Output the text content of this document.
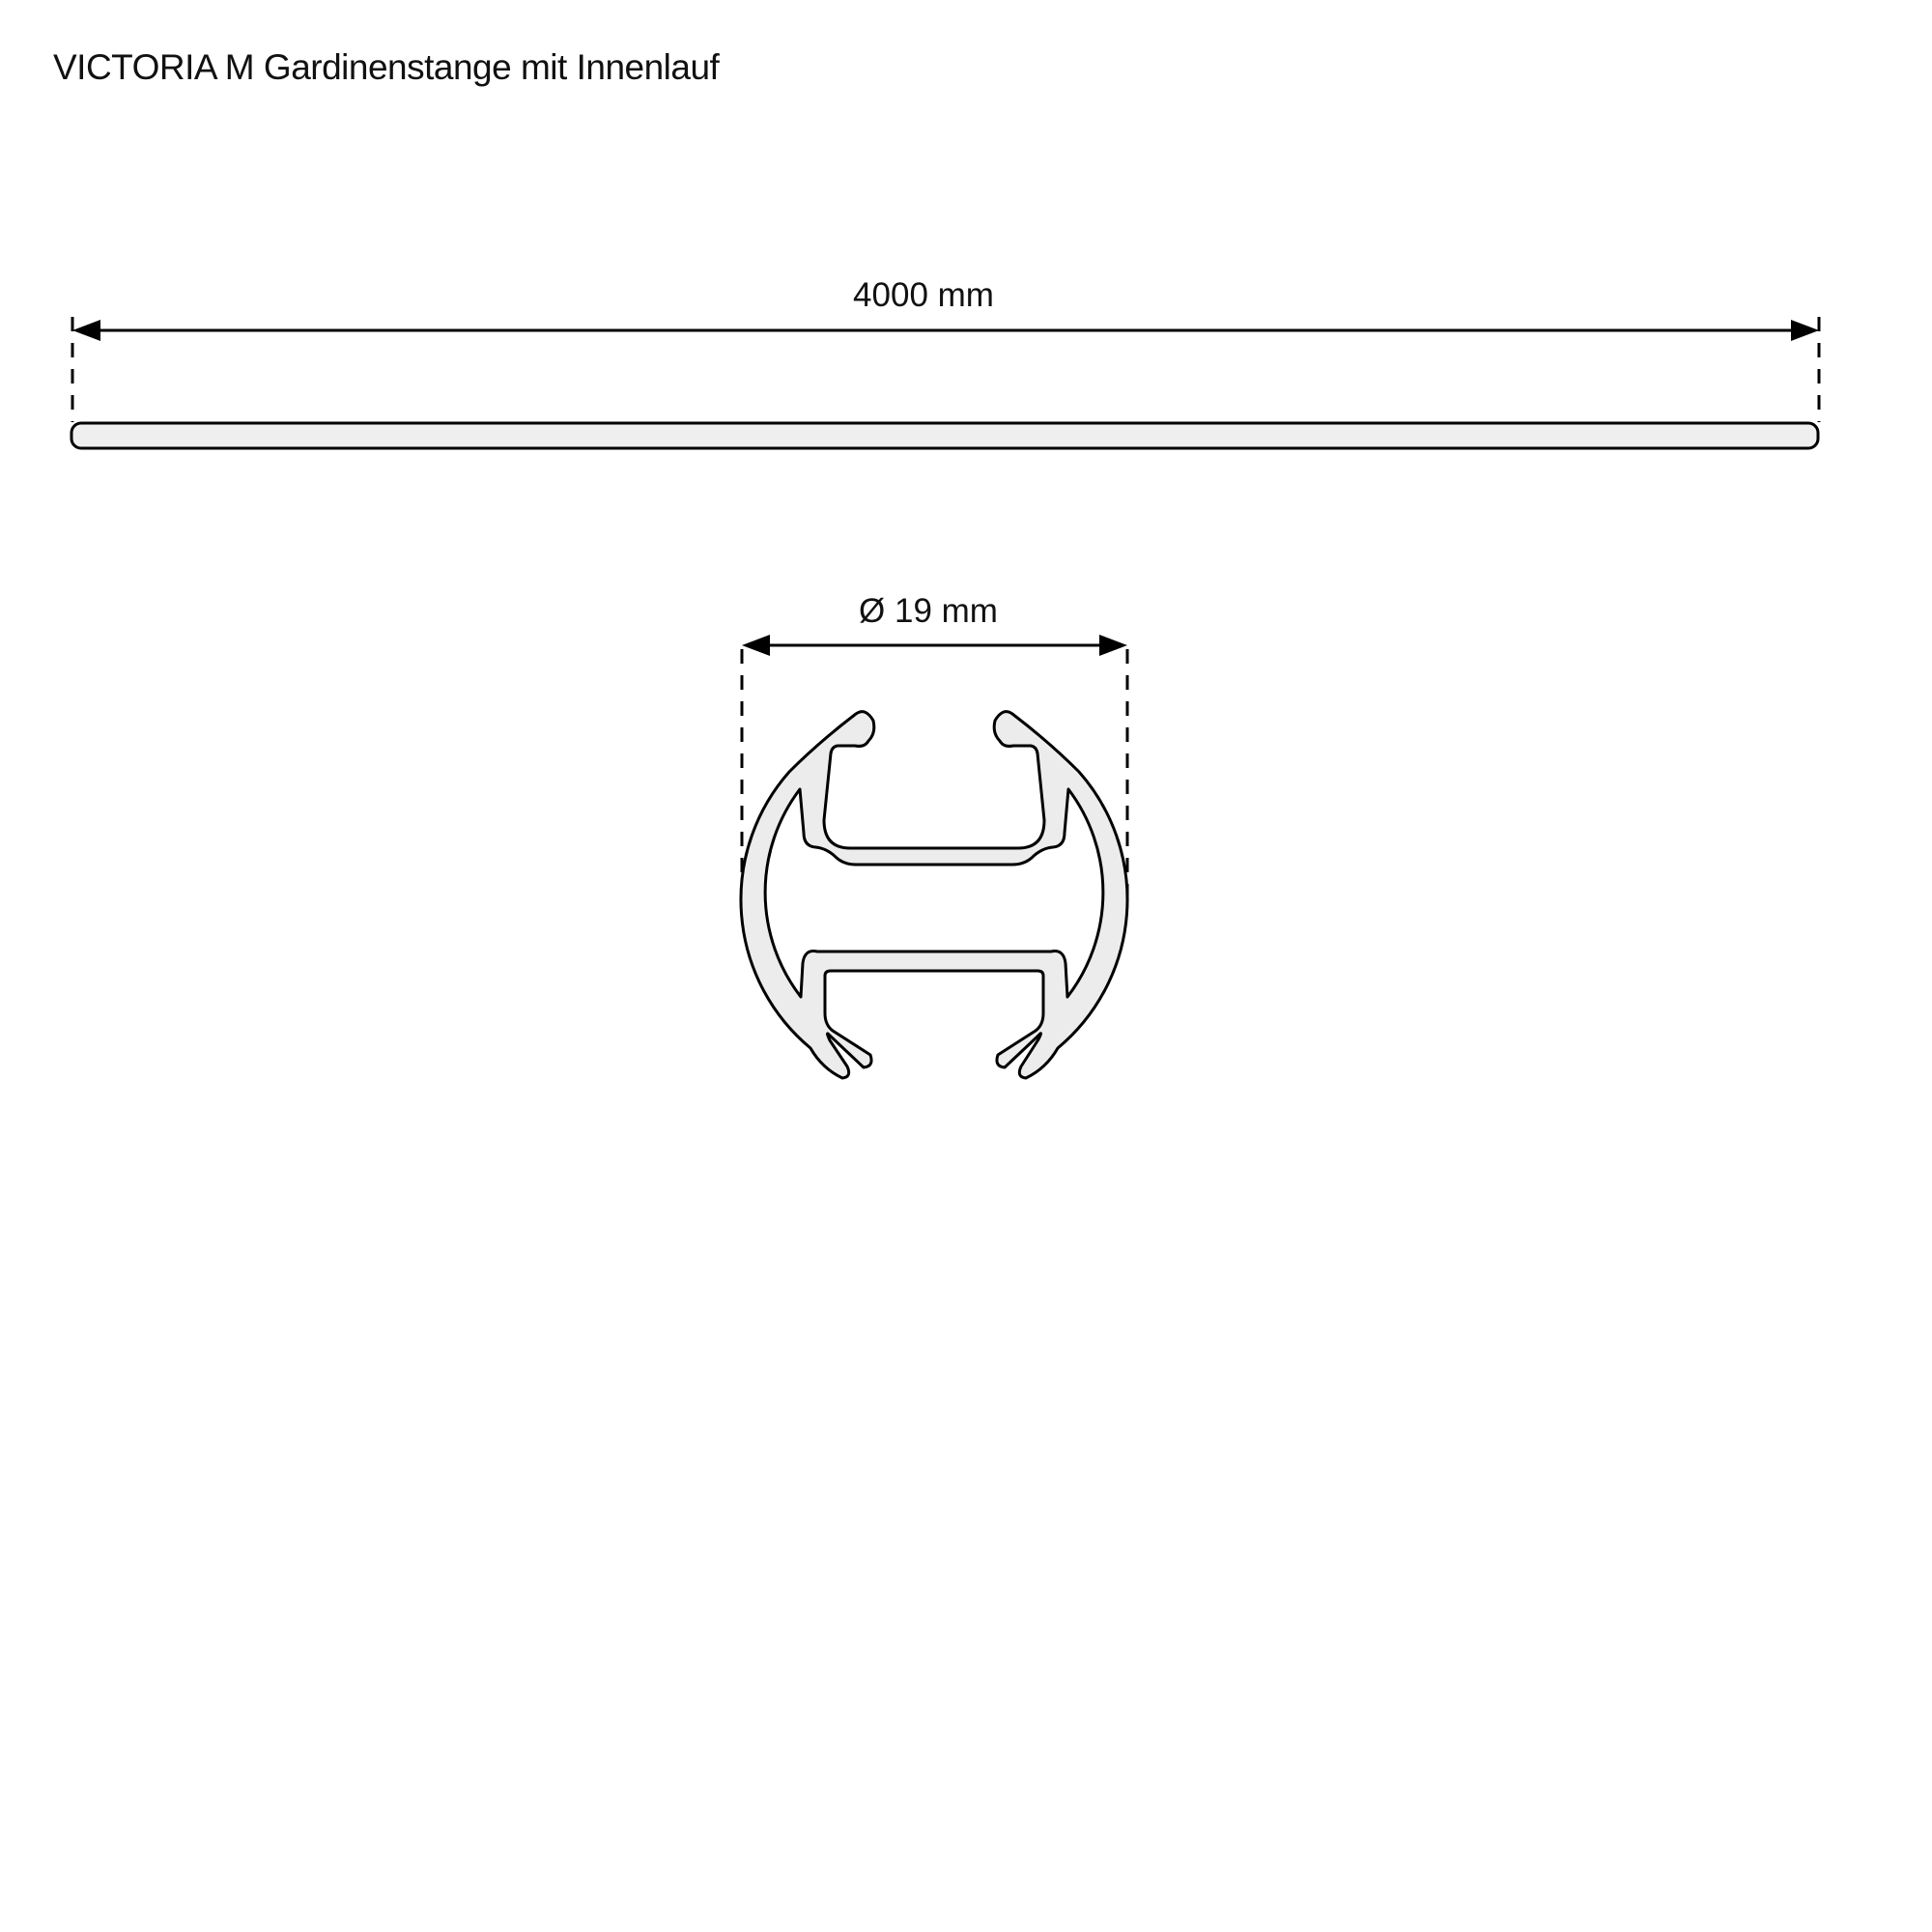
VICTORIA M Gardinenstange mit Innenlauf
4000 mm
Ø 19 mm
